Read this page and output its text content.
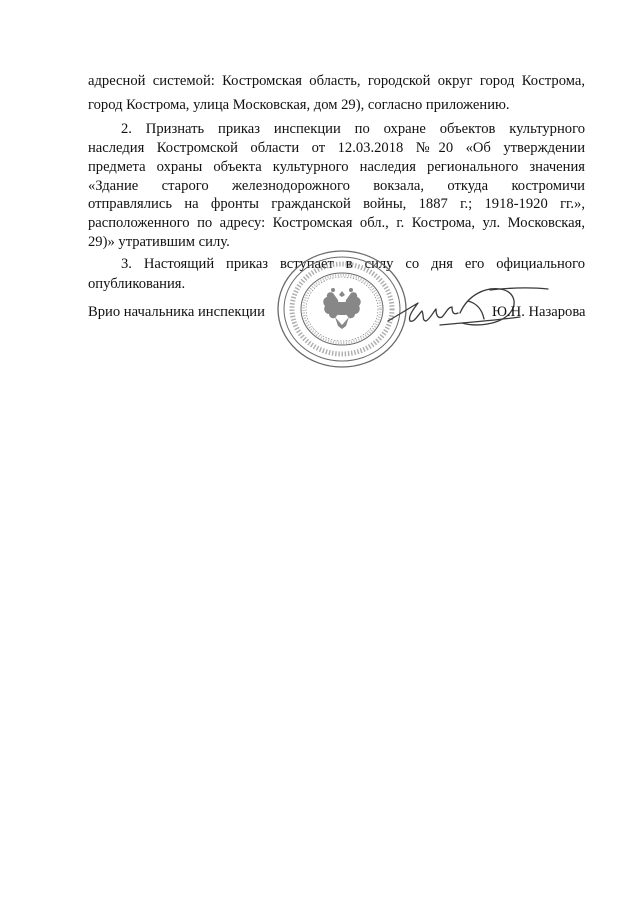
адресной системой: Костромская область, городской округ город Кострома,
город Кострома, улица Московская, дом 29), согласно приложению.
2. Признать приказ инспекции по охране объектов культурного
наследия Костромской области от 12.03.2018 №20 «Об утверждении
предмета охраны объекта культурного наследия регионального значения
«Здание старого железнодорожного вокзала, откуда костромичи
отправлялись на фронты гражданской войны, 1887 г.; 1918-1920 гг.»,
расположенного по адресу: Костромская обл., г. Кострома, ул. Московская,
29)» утратившим силу.
3. Настоящий приказ вступает в силу со дня его официального
опубликования.
Врио начальника инспекции	Ю.Н. Назарова
